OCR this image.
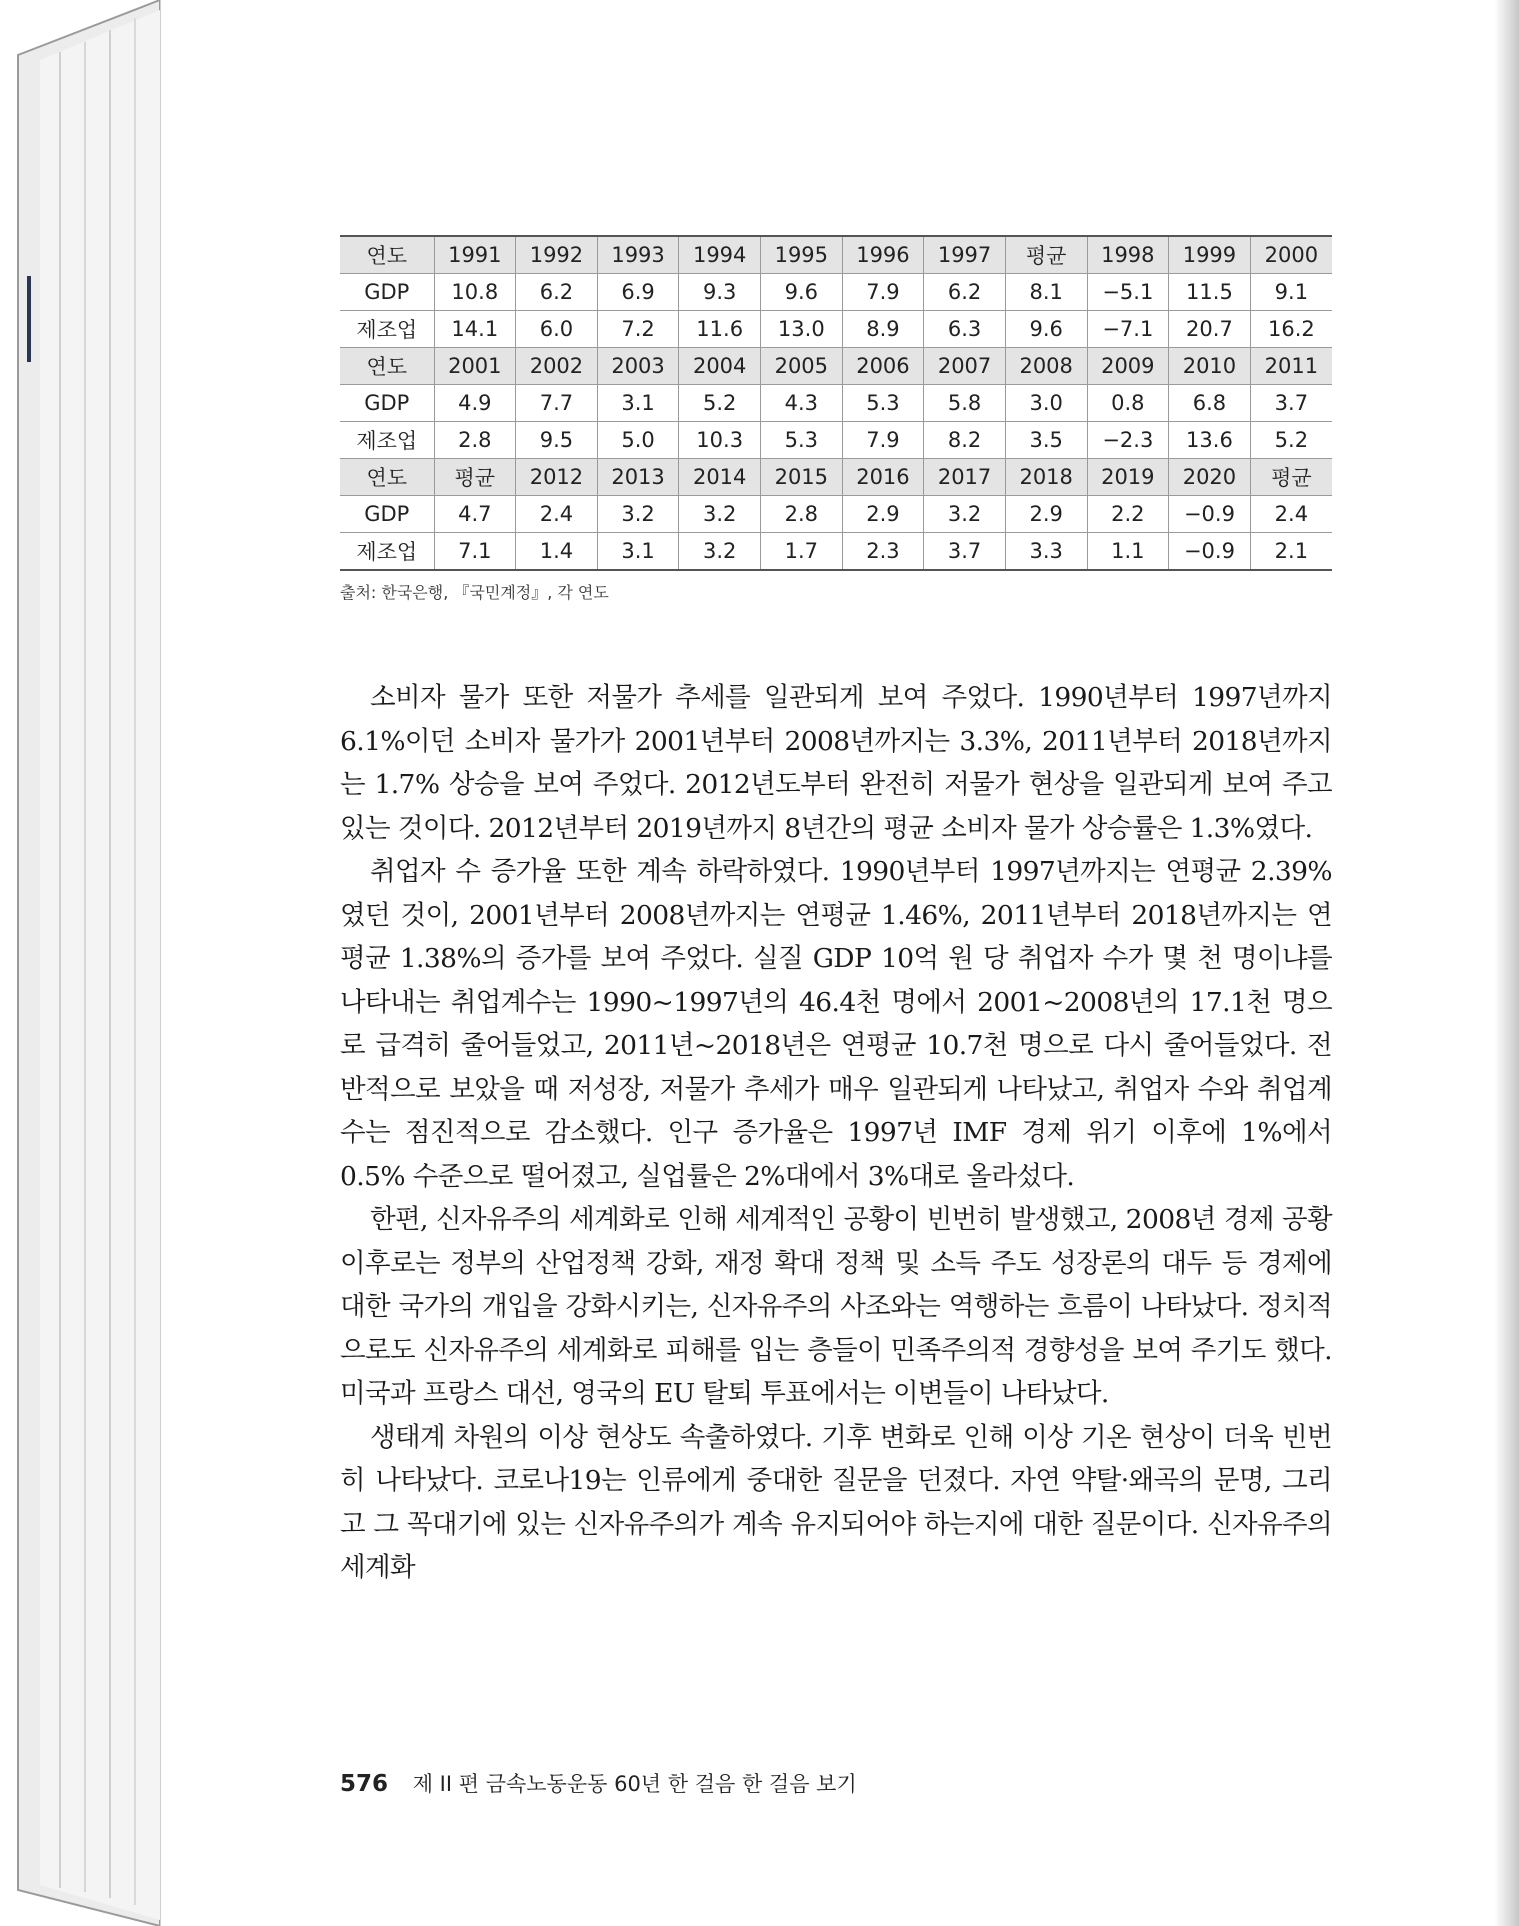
연도	1991	1992	1993	1994	1995	1996	1997	평균	1998	1999	2000
GDP	10.8	6.2	6.9	9.3	9.6	7.9	6.2	8.1	−5.1	11.5	9.1
제조업	14.1	6.0	7.2	11.6	13.0	8.9	6.3	9.6	−7.1	20.7	16.2
연도	2001	2002	2003	2004	2005	2006	2007	2008	2009	2010	2011
GDP	4.9	7.7	3.1	5.2	4.3	5.3	5.8	3.0	0.8	6.8	3.7
제조업	2.8	9.5	5.0	10.3	5.3	7.9	8.2	3.5	−2.3	13.6	5.2
연도	평균	2012	2013	2014	2015	2016	2017	2018	2019	2020	평균
GDP	4.7	2.4	3.2	3.2	2.8	2.9	3.2	2.9	2.2	−0.9	2.4
제조업	7.1	1.4	3.1	3.2	1.7	2.3	3.7	3.3	1.1	−0.9	2.1
출처: 한국은행, 『국민계정』, 각 연도

소비자 물가 또한 저물가 추세를 일관되게 보여 주었다. 1990년부터 1997년까지 6.1%이던 소비자 물가가 2001년부터 2008년까지는 3.3%, 2011년부터 2018년까지는 1.7% 상승을 보여 주었다. 2012년도부터 완전히 저물가 현상을 일관되게 보여 주고 있는 것이다. 2012년부터 2019년까지 8년간의 평균 소비자 물가 상승률은 1.3%였다.

취업자 수 증가율 또한 계속 하락하였다. 1990년부터 1997년까지는 연평균 2.39%였던 것이, 2001년부터 2008년까지는 연평균 1.46%, 2011년부터 2018년까지는 연평균 1.38%의 증가를 보여 주었다. 실질 GDP 10억 원 당 취업자 수가 몇 천 명이냐를 나타내는 취업계수는 1990~1997년의 46.4천 명에서 2001~2008년의 17.1천 명으로 급격히 줄어들었고, 2011년~2018년은 연평균 10.7천 명으로 다시 줄어들었다. 전반적으로 보았을 때 저성장, 저물가 추세가 매우 일관되게 나타났고, 취업자 수와 취업계수는 점진적으로 감소했다. 인구 증가율은 1997년 IMF 경제 위기 이후에 1%에서 0.5% 수준으로 떨어졌고, 실업률은 2%대에서 3%대로 올라섰다.

한편, 신자유주의 세계화로 인해 세계적인 공황이 빈번히 발생했고, 2008년 경제 공황 이후로는 정부의 산업정책 강화, 재정 확대 정책 및 소득 주도 성장론의 대두 등 경제에 대한 국가의 개입을 강화시키는, 신자유주의 사조와는 역행하는 흐름이 나타났다. 정치적으로도 신자유주의 세계화로 피해를 입는 층들이 민족주의적 경향성을 보여 주기도 했다. 미국과 프랑스 대선, 영국의 EU 탈퇴 투표에서는 이변들이 나타났다.

생태계 차원의 이상 현상도 속출하였다. 기후 변화로 인해 이상 기온 현상이 더욱 빈번히 나타났다. 코로나19는 인류에게 중대한 질문을 던졌다. 자연 약탈·왜곡의 문명, 그리고 그 꼭대기에 있는 신자유주의가 계속 유지되어야 하는지에 대한 질문이다. 신자유주의 세계화

576 제 II 편 금속노동운동 60년 한 걸음 한 걸음 보기
